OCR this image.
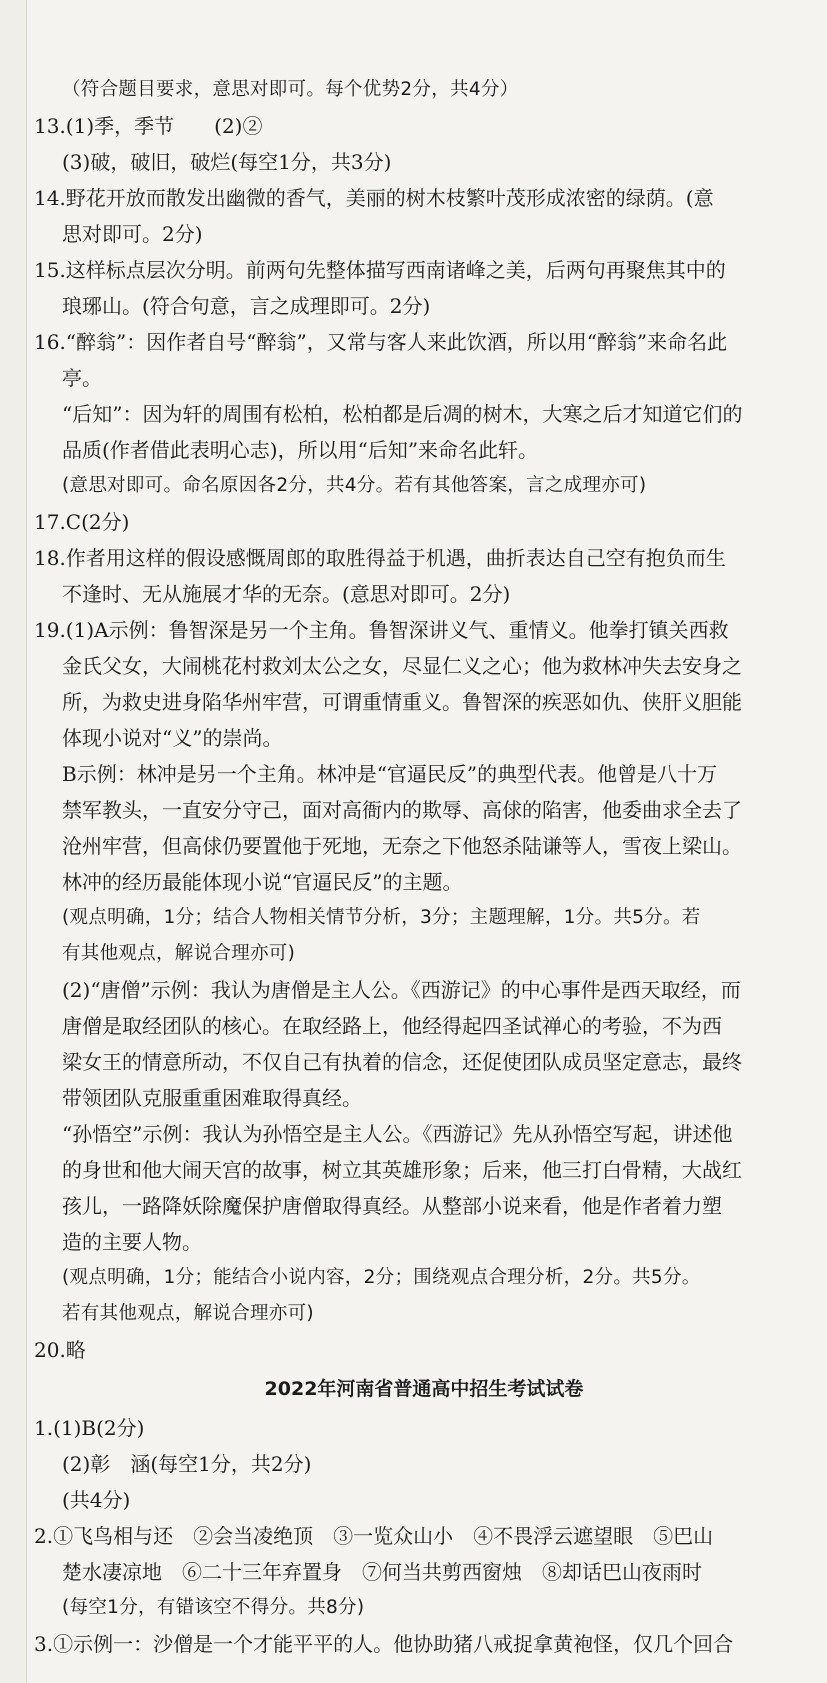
（符合题目要求，意思对即可。每个优势2分，共4分）
13.(1)季，季节　　(2)②
(3)破，破旧，破烂(每空1分，共3分)
14.野花开放而散发出幽微的香气，美丽的树木枝繁叶茂形成浓密的绿荫。(意
思对即可。2分)
15.这样标点层次分明。前两句先整体描写西南诸峰之美，后两句再聚焦其中的
琅琊山。(符合句意，言之成理即可。2分)
16.“醉翁”：因作者自号“醉翁”，又常与客人来此饮酒，所以用“醉翁”来命名此
亭。
“后知”：因为轩的周围有松柏，松柏都是后凋的树木，大寒之后才知道它们的
品质(作者借此表明心志)，所以用“后知”来命名此轩。
(意思对即可。命名原因各2分，共4分。若有其他答案，言之成理亦可)
17.C(2分)
18.作者用这样的假设感慨周郎的取胜得益于机遇，曲折表达自己空有抱负而生
不逢时、无从施展才华的无奈。(意思对即可。2分)
19.(1)A示例：鲁智深是另一个主角。鲁智深讲义气、重情义。他拳打镇关西救
金氏父女，大闹桃花村救刘太公之女，尽显仁义之心；他为救林冲失去安身之
所，为救史进身陷华州牢营，可谓重情重义。鲁智深的疾恶如仇、侠肝义胆能
体现小说对“义”的崇尚。
B示例：林冲是另一个主角。林冲是“官逼民反”的典型代表。他曾是八十万
禁军教头，一直安分守己，面对高衙内的欺辱、高俅的陷害，他委曲求全去了
沧州牢营，但高俅仍要置他于死地，无奈之下他怒杀陆谦等人，雪夜上梁山。
林冲的经历最能体现小说“官逼民反”的主题。
(观点明确，1分；结合人物相关情节分析，3分；主题理解，1分。共5分。若
有其他观点，解说合理亦可)
(2)“唐僧”示例：我认为唐僧是主人公。《西游记》的中心事件是西天取经，而
唐僧是取经团队的核心。在取经路上，他经得起四圣试禅心的考验，不为西
梁女王的情意所动，不仅自己有执着的信念，还促使团队成员坚定意志，最终
带领团队克服重重困难取得真经。
“孙悟空”示例：我认为孙悟空是主人公。《西游记》先从孙悟空写起，讲述他
的身世和他大闹天宫的故事，树立其英雄形象；后来，他三打白骨精，大战红
孩儿，一路降妖除魔保护唐僧取得真经。从整部小说来看，他是作者着力塑
造的主要人物。
(观点明确，1分；能结合小说内容，2分；围绕观点合理分析，2分。共5分。
若有其他观点，解说合理亦可)
20.略
2022年河南省普通高中招生考试试卷
1.(1)B(2分)
(2)彰　涵(每空1分，共2分)
(共4分)
2.①飞鸟相与还　②会当凌绝顶　③一览众山小　④不畏浮云遮望眼　⑤巴山
楚水凄凉地　⑥二十三年弃置身　⑦何当共剪西窗烛　⑧却话巴山夜雨时
(每空1分，有错该空不得分。共8分)
3.①示例一：沙僧是一个才能平平的人。他协助猪八戒捉拿黄袍怪，仅几个回合
